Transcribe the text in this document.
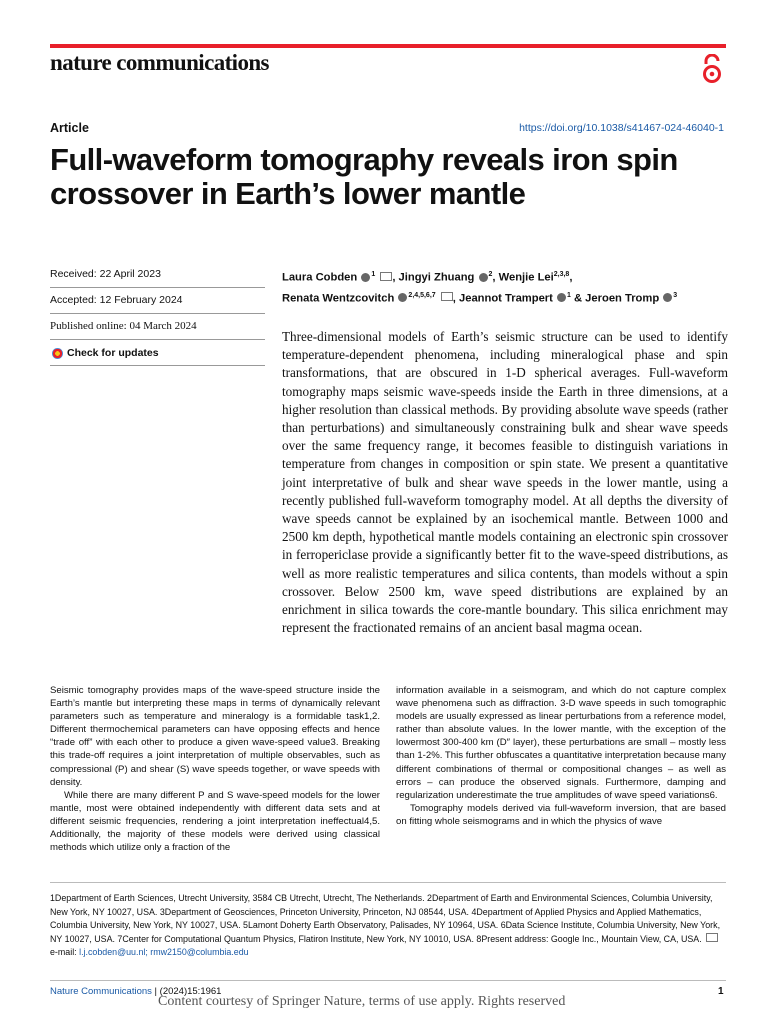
nature communications
Article	https://doi.org/10.1038/s41467-024-46040-1
Full-waveform tomography reveals iron spin crossover in Earth’s lower mantle
Received: 22 April 2023
Accepted: 12 February 2024
Published online: 04 March 2024
Check for updates
Laura Cobden $^1$ , Jingyi Zhuang $^2$, Wenjie Lei$^{2,3,8}$,
Renata Wentzcovitch $^{2,4,5,6,7}$ , Jeannot Trampert $^1$ & Jeroen Tromp $^3$

Three-dimensional models of Earth’s seismic structure can be used to identify temperature-dependent phenomena, including mineralogical phase and spin transformations, that are obscured in 1-D spherical averages. Full-waveform tomography maps seismic wave-speeds inside the Earth in three dimensions, at a higher resolution than classical methods. By providing absolute wave speeds (rather than perturbations) and simultaneously constraining bulk and shear wave speeds over the same frequency range, it becomes feasible to distinguish variations in temperature from changes in composition or spin state. We present a quantitative joint interpretative of bulk and shear wave speeds in the lower mantle, using a recently published full-waveform tomography model. At all depths the diversity of wave speeds cannot be explained by an isochemical mantle. Between 1000 and 2500 km depth, hypothetical mantle models containing an electronic spin crossover in ferropericlase provide a significantly better fit to the wave-speed distributions, as well as more realistic temperatures and silica contents, than models without a spin crossover. Below 2500 km, wave speed distributions are explained by an enrichment in silica towards the core-mantle boundary. This silica enrichment may represent the fractionated remains of an ancient basal magma ocean.

Seismic tomography provides maps of the wave-speed structure inside the Earth’s mantle but interpreting these maps in terms of dynamically relevant parameters such as temperature and mineralogy is a formidable task1,2. Different thermochemical parameters can have opposing effects and hence “trade off” with each other to produce a given wave-speed value3. Breaking this trade-off requires a joint interpretation of multiple observables, such as compressional (P) and shear (S) wave speeds together, or wave speeds with density.

While there are many different P and S wave-speed models for the lower mantle, most were obtained independently with different data sets and at different seismic frequencies, rendering a joint interpretation ineffectual4,5. Additionally, the majority of these models were derived using classical methods which utilize only a fraction of the

information available in a seismogram, and which do not capture complex wave phenomena such as diffraction. 3-D wave speeds in such tomographic models are usually expressed as linear perturbations from a reference model, rather than absolute values. In the lower mantle, with the exception of the lowermost 300-400 km (D″ layer), these perturbations are small – mostly less than 1-2%. This further obfuscates a quantitative interpretation because many different combinations of thermal or compositional changes – as well as errors – can produce the observed signals. Furthermore, damping and regularization underestimate the true amplitudes of wave speed variations6.

Tomography models derived via full-waveform inversion, that are based on fitting whole seismograms and in which the physics of wave

1Department of Earth Sciences, Utrecht University, 3584 CB Utrecht, Utrecht, The Netherlands. 2Department of Earth and Environmental Sciences, Columbia University, New York, NY 10027, USA. 3Department of Geosciences, Princeton University, Princeton, NJ 08544, USA. 4Department of Applied Physics and Applied Mathematics, Columbia University, New York, NY 10027, USA. 5Lamont Doherty Earth Observatory, Palisades, NY 10964, USA. 6Data Science Institute, Columbia University, New York, NY 10027, USA. 7Center for Computational Quantum Physics, Flatiron Institute, New York, NY 10010, USA. 8Present address: Google Inc., Mountain View, CA, USA. e-mail: l.j.cobden@uu.nl; rmw2150@columbia.edu

Nature Communications | (2024)15:1961
Content courtesy of Springer Nature, terms of use apply. Rights reserved
1
